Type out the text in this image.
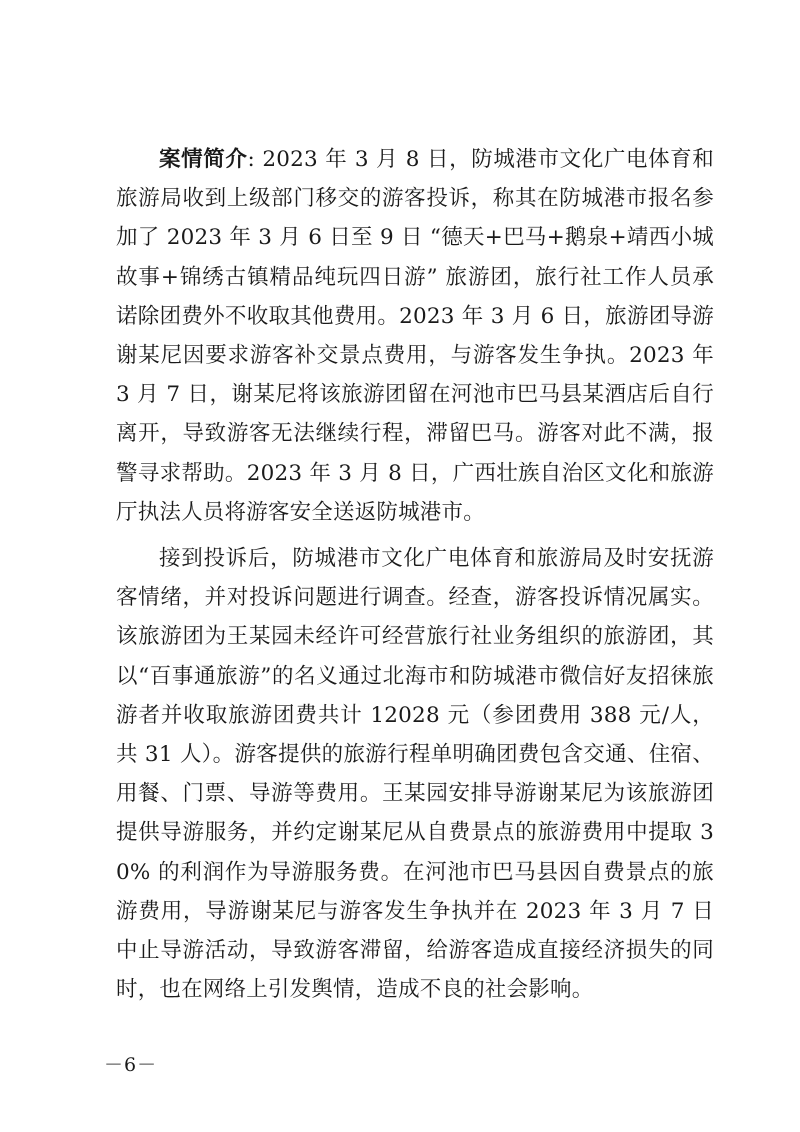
案情简介: 2023 年 3 月 8 日，防城港市文化广电体育和旅游局收到上级部门移交的游客投诉，称其在防城港市报名参加了 2023 年 3 月 6 日至 9 日 “德天+巴马+鹅泉+靖西小城故事+锦绣古镇精品纯玩四日游” 旅游团，旅行社工作人员承诺除团费外不收取其他费用。2023 年 3 月 6 日，旅游团导游谢某尼因要求游客补交景点费用，与游客发生争执。2023 年 3 月 7 日，谢某尼将该旅游团留在河池市巴马县某酒店后自行离开，导致游客无法继续行程，滞留巴马。游客对此不满，报警寻求帮助。2023 年 3 月 8 日，广西壮族自治区文化和旅游厅执法人员将游客安全送返防城港市。

接到投诉后，防城港市文化广电体育和旅游局及时安抚游客情绪，并对投诉问题进行调查。经查，游客投诉情况属实。该旅游团为王某园未经许可经营旅行社业务组织的旅游团，其以“百事通旅游”的名义通过北海市和防城港市微信好友招徕旅游者并收取旅游团费共计 12028 元（参团费用 388 元/人，共 31 人）。游客提供的旅游行程单明确团费包含交通、住宿、用餐、门票、导游等费用。王某园安排导游谢某尼为该旅游团提供导游服务，并约定谢某尼从自费景点的旅游费用中提取 30% 的利润作为导游服务费。在河池市巴马县因自费景点的旅游费用，导游谢某尼与游客发生争执并在 2023 年 3 月 7 日中止导游活动，导致游客滞留，给游客造成直接经济损失的同时，也在网络上引发舆情，造成不良的社会影响。

－6－
